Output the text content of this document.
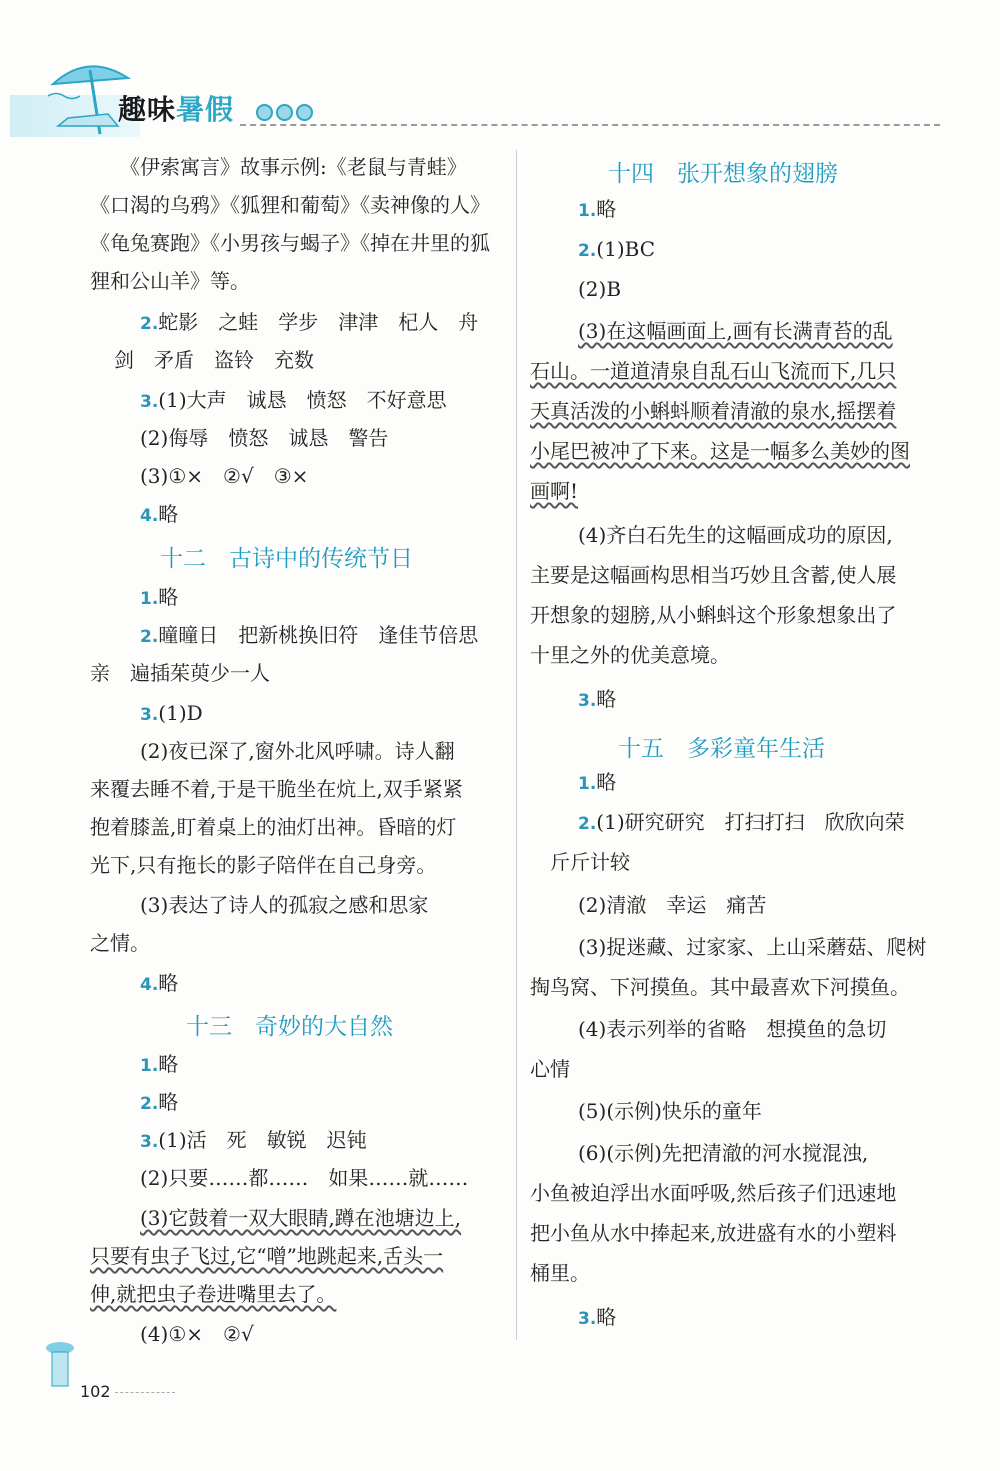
趣味暑假
十二　古诗中的传统节日
十三　奇妙的大自然
《伊索寓言》故事示例:《老鼠与青蛙》
《口渴的乌鸦》《狐狸和葡萄》《卖神像的人》
《龟兔赛跑》《小男孩与蝎子》《掉在井里的狐
狸和公山羊》等。
2.蛇影　之蛙　学步　津津　杞人　舟
剑　矛盾　盗铃　充数
3.(1)大声　诚恳　愤怒　不好意思
(2)侮辱　愤怒　诚恳　警告
(3)①×　②√　③×
4.略
1.略
2.曈曈日　把新桃换旧符　逢佳节倍思
亲　遍插茱萸少一人
3.(1)D
(2)夜已深了,窗外北风呼啸。诗人翻
来覆去睡不着,于是干脆坐在炕上,双手紧紧
抱着膝盖,盯着桌上的油灯出神。昏暗的灯
光下,只有拖长的影子陪伴在自己身旁。
(3)表达了诗人的孤寂之感和思家
之情。
4.略
1.略
2.略
3.(1)活　死　敏锐　迟钝
(2)只要……都……　如果……就……
(3)它鼓着一双大眼睛,蹲在池塘边上,
只要有虫子飞过,它“噌”地跳起来,舌头一
伸,就把虫子卷进嘴里去了。
(4)①×　②√
十四　张开想象的翅膀
十五　多彩童年生活
1.略
2.(1)BC
(2)B
(3)在这幅画面上,画有长满青苔的乱
石山。一道道清泉自乱石山飞流而下,几只
天真活泼的小蝌蚪顺着清澈的泉水,摇摆着
小尾巴被冲了下来。这是一幅多么美妙的图
画啊!
(4)齐白石先生的这幅画成功的原因,
主要是这幅画构思相当巧妙且含蓄,使人展
开想象的翅膀,从小蝌蚪这个形象想象出了
十里之外的优美意境。
3.略
1.略
2.(1)研究研究　打扫打扫　欣欣向荣
斤斤计较
(2)清澈　幸运　痛苦
(3)捉迷藏、过家家、上山采蘑菇、爬树
掏鸟窝、下河摸鱼。其中最喜欢下河摸鱼。
(4)表示列举的省略　想摸鱼的急切
心情
(5)(示例)快乐的童年
(6)(示例)先把清澈的河水搅混浊,
小鱼被迫浮出水面呼吸,然后孩子们迅速地
把小鱼从水中捧起来,放进盛有水的小塑料
桶里。
3.略
102
